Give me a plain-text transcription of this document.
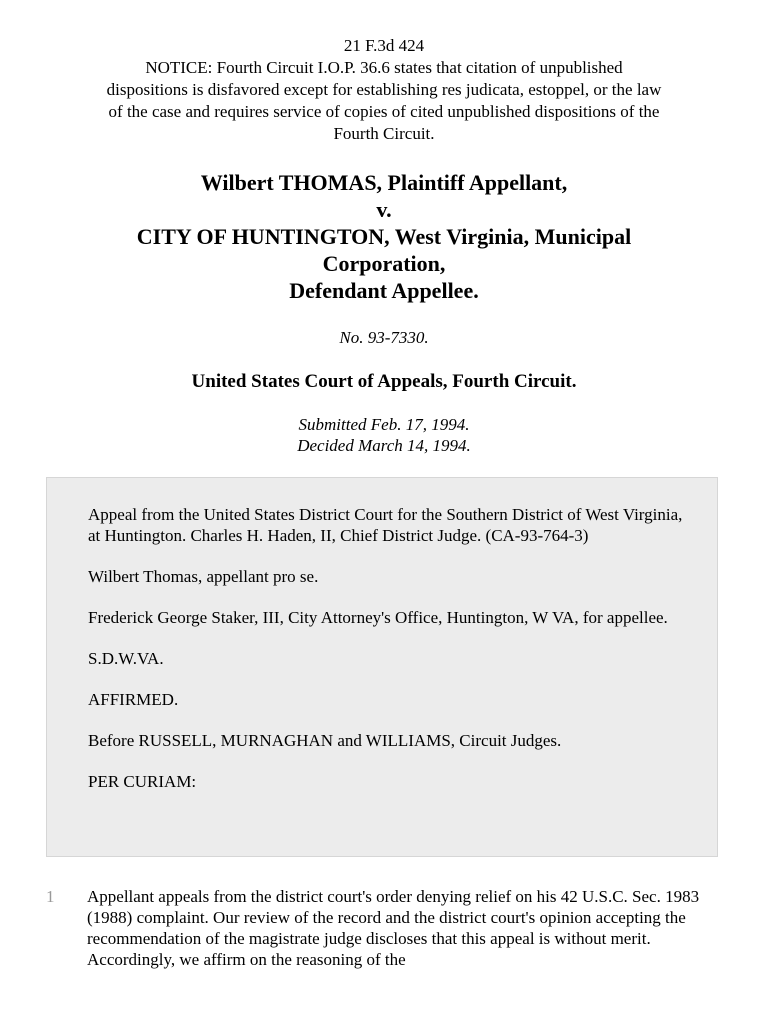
21 F.3d 424
NOTICE: Fourth Circuit I.O.P. 36.6 states that citation of unpublished
dispositions is disfavored except for establishing res judicata, estoppel, or the law
of the case and requires service of copies of cited unpublished dispositions of the
Fourth Circuit.
Wilbert THOMAS, Plaintiff Appellant,
v.
CITY OF HUNTINGTON, West Virginia, Municipal
Corporation,
Defendant Appellee.
No. 93-7330.
United States Court of Appeals, Fourth Circuit.
Submitted Feb. 17, 1994.
Decided March 14, 1994.

Appeal from the United States District Court for the Southern District of West Virginia, at Huntington. Charles H. Haden, II, Chief District Judge. (CA-93-764-3)

Wilbert Thomas, appellant pro se.

Frederick George Staker, III, City Attorney's Office, Huntington, W VA, for appellee.

S.D.W.VA.

AFFIRMED.

Before RUSSELL, MURNAGHAN and WILLIAMS, Circuit Judges.

PER CURIAM:

1 Appellant appeals from the district court's order denying relief on his 42 U.S.C. Sec. 1983 (1988) complaint. Our review of the record and the district court's opinion accepting the recommendation of the magistrate judge discloses that this appeal is without merit. Accordingly, we affirm on the reasoning of the
